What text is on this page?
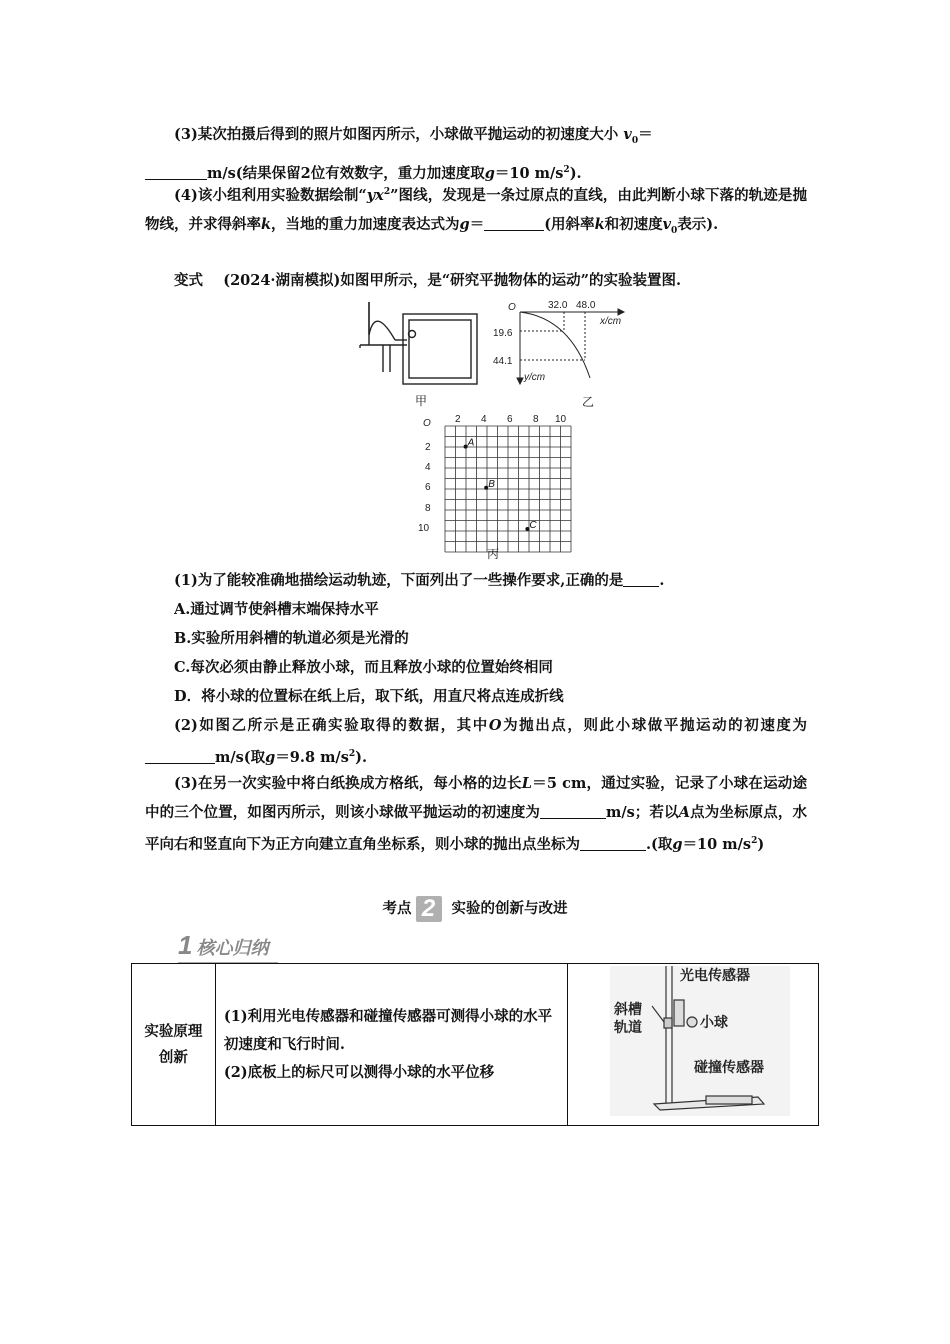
(3)某次拍摄后得到的照片如图丙所示，小球做平抛运动的初速度大小 $v_0=$
m/s(结果保留2位有效数字，重力加速度取g＝10 $m/s^2$).
(4)该小组利用实验数据绘制“$yx^2$”图线，发现是一条过原点的直线，由此判断小球下落的轨迹是抛物线，并求得斜率k，当地的重力加速度表达式为g＝	(用斜率k和初速度$v_0$表示).
变式 (2024·湖南模拟)如图甲所示，是“研究平抛物体的运动”的实验装置图.
甲
O	32.0 48.0
19.6
44.1
x/cm
y/cm
乙
O 2 4 6 8 10
2
4
6
8
10
A
B
C
丙
(1)为了能较准确地描绘运动轨迹，下面列出了一些操作要求,正确的是 .
A.通过调节使斜槽末端保持水平
B.实验所用斜槽的轨道必须是光滑的
C.每次必须由静止释放小球，而且释放小球的位置始终相同
D．将小球的位置标在纸上后，取下纸，用直尺将点连成折线
(2)如图乙所示是正确实验取得的数据，其中O为抛出点，则此小球做平抛运动的初速度为m/s(取g＝9.8 $m/s^2$).
(3)在另一次实验中将白纸换成方格纸，每小格的边长L＝5 cm，通过实验，记录了小球在运动途中的三个位置，如图丙所示，则该小球做平抛运动的初速度为	m/s；若以A点为坐标原点，水平向右和竖直向下为正方向建立直角坐标系，则小球的抛出点坐标为	.(取g＝10 $m/s^2$)
考点 2 实验的创新与改进
1 核心归纳
实验原理
创新	
(1)利用光电传感器和碰撞传感器可测得小球的水平初速度和飞行时间.
(2)底板上的标尺可以测得小球的水平位移

光电传感器
斜槽
轨道	小球
碰撞传感器
